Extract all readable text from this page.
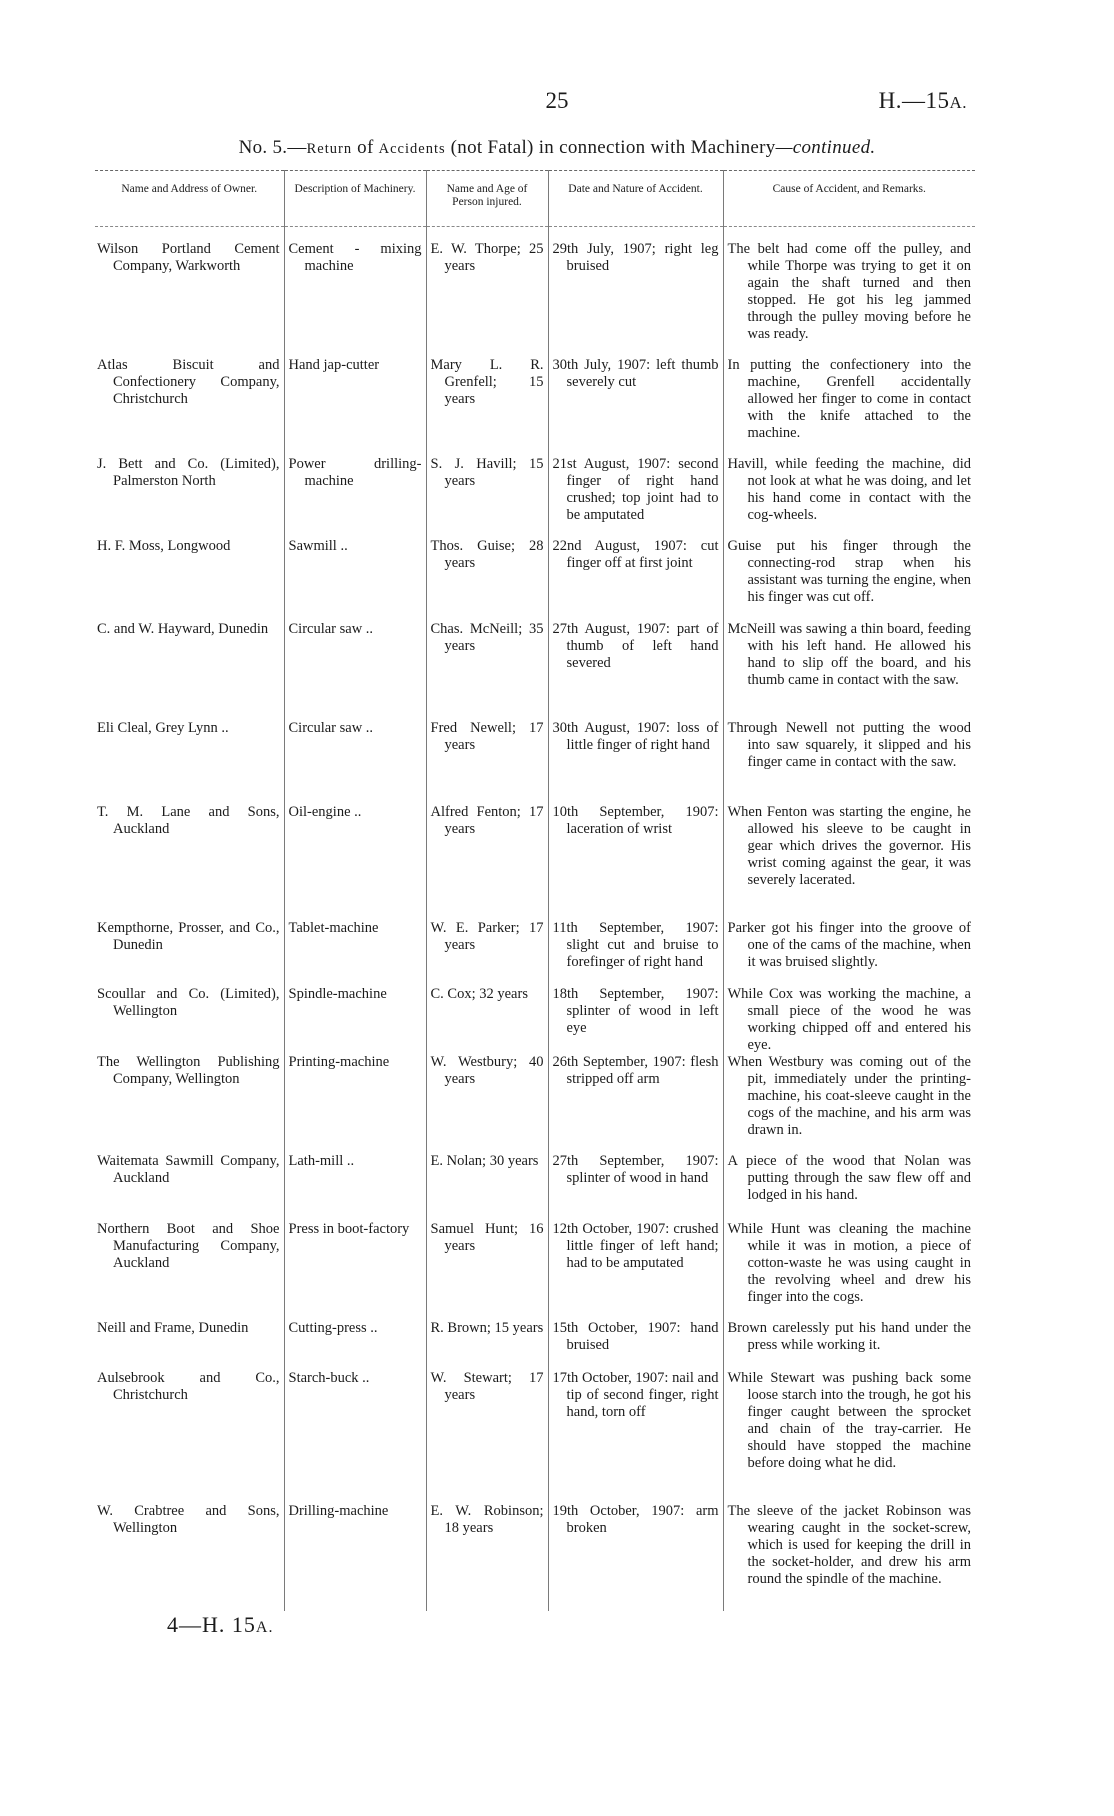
25	H.—15A.
No. 5.—Return of Accidents (not Fatal) in connection with Machinery—continued.
Name and Address of Owner.	Description of Machinery.	Name and Age of Person injured.	Date and Nature of Accident.	Cause of Accident, and Remarks.

Wilson Portland Cement Company, Warkworth	Cement - mixing machine	E. W. Thorpe; 25 years	29th July, 1907; right leg bruised	The belt had come off the pulley, and while Thorpe was trying to get it on again the shaft turned and then stopped. He got his leg jammed through the pulley moving before he was ready.

Atlas Biscuit and Confectionery Company, Christchurch	Hand jap-cutter	Mary L. R. Grenfell; 15 years	30th July, 1907: left thumb severely cut	In putting the confectionery into the machine, Grenfell accidentally allowed her finger to come in contact with the knife attached to the machine.

J. Bett and Co. (Limited), Palmerston North	Power drilling-machine	S. J. Havill; 15 years	21st August, 1907: second finger of right hand crushed; top joint had to be amputated	Havill, while feeding the machine, did not look at what he was doing, and let his hand come in contact with the cog-wheels.

H. F. Moss, Longwood	Sawmill ..	Thos. Guise; 28 years	22nd August, 1907: cut finger off at first joint	Guise put his finger through the connecting-rod strap when his assistant was turning the engine, when his finger was cut off.

C. and W. Hayward, Dunedin	Circular saw ..	Chas. McNeill; 35 years	27th August, 1907: part of thumb of left hand severed	McNeill was sawing a thin board, feeding with his left hand. He allowed his hand to slip off the board, and his thumb came in contact with the saw.

Eli Cleal, Grey Lynn ..	Circular saw ..	Fred Newell; 17 years	30th August, 1907: loss of little finger of right hand	Through Newell not putting the wood into saw squarely, it slipped and his finger came in contact with the saw.

T. M. Lane and Sons, Auckland	Oil-engine ..	Alfred Fenton; 17 years	10th September, 1907: laceration of wrist	When Fenton was starting the engine, he allowed his sleeve to be caught in gear which drives the governor. His wrist coming against the gear, it was severely lacerated.

Kempthorne, Prosser, and Co., Dunedin	Tablet-machine	W. E. Parker; 17 years	11th September, 1907: slight cut and bruise to forefinger of right hand	Parker got his finger into the groove of one of the cams of the machine, when it was bruised slightly.

Scoullar and Co. (Limited), Wellington	Spindle-machine	C. Cox; 32 years	18th September, 1907: splinter of wood in left eye	While Cox was working the machine, a small piece of the wood he was working chipped off and entered his eye.

The Wellington Publishing Company, Wellington	Printing-machine	W. Westbury; 40 years	26th September, 1907: flesh stripped off arm	When Westbury was coming out of the pit, immediately under the printing-machine, his coat-sleeve caught in the cogs of the machine, and his arm was drawn in.

Waitemata Sawmill Company, Auckland	Lath-mill ..	E. Nolan; 30 years	27th September, 1907: splinter of wood in hand	A piece of the wood that Nolan was putting through the saw flew off and lodged in his hand.

Northern Boot and Shoe Manufacturing Company, Auckland	Press in boot-factory	Samuel Hunt; 16 years	12th October, 1907: crushed little finger of left hand; had to be amputated	While Hunt was cleaning the machine while it was in motion, a piece of cotton-waste he was using caught in the revolving wheel and drew his finger into the cogs.

Neill and Frame, Dunedin	Cutting-press ..	R. Brown; 15 years	15th October, 1907: hand bruised	Brown carelessly put his hand under the press while working it.

Aulsebrook and Co., Christchurch	Starch-buck ..	W. Stewart; 17 years	17th October, 1907: nail and tip of second finger, right hand, torn off	While Stewart was pushing back some loose starch into the trough, he got his finger caught between the sprocket and chain of the tray-carrier. He should have stopped the machine before doing what he did.

W. Crabtree and Sons, Wellington	Drilling-machine	E. W. Robinson; 18 years	19th October, 1907: arm broken	The sleeve of the jacket Robinson was wearing caught in the socket-screw, which is used for keeping the drill in the socket-holder, and drew his arm round the spindle of the machine.
4—H. 15A.
